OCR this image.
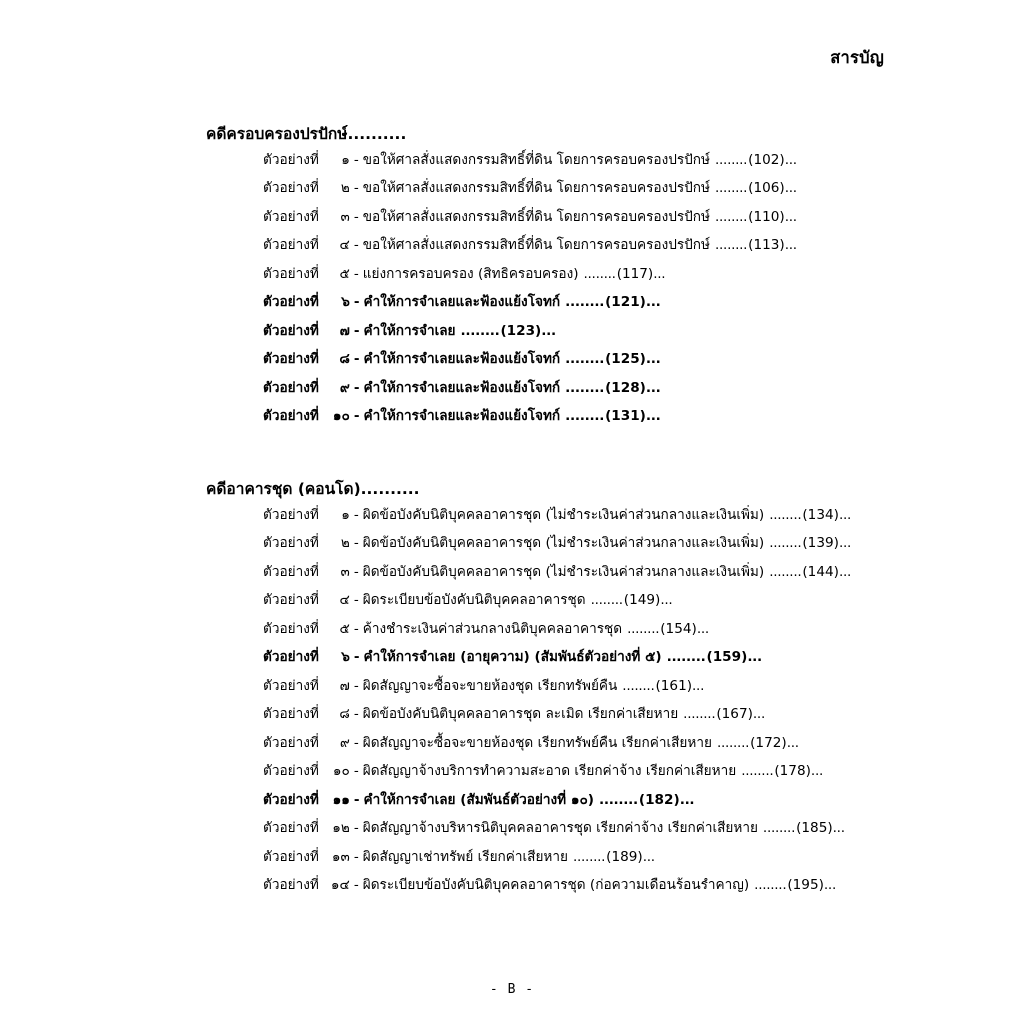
สารบัญ
คดีครอบครองปรปักษ์..........
ตัวอย่างที่	๑ - ขอให้ศาลสั่งแสดงกรรมสิทธิ์ที่ดิน โดยการครอบครองปรปักษ์ ........ (102) ...
ตัวอย่างที่	๒ - ขอให้ศาลสั่งแสดงกรรมสิทธิ์ที่ดิน โดยการครอบครองปรปักษ์ ........ (106) ...
ตัวอย่างที่	๓ - ขอให้ศาลสั่งแสดงกรรมสิทธิ์ที่ดิน โดยการครอบครองปรปักษ์ ........ (110) ...
ตัวอย่างที่	๔ - ขอให้ศาลสั่งแสดงกรรมสิทธิ์ที่ดิน โดยการครอบครองปรปักษ์ ........ (113) ...
ตัวอย่างที่	๕ - แย่งการครอบครอง (สิทธิครอบครอง) ........ (117) ...
ตัวอย่างที่	๖ - คำให้การจำเลยและฟ้องแย้งโจทก์ ........ (121) ...
ตัวอย่างที่	๗ - คำให้การจำเลย ........ (123) ...
ตัวอย่างที่	๘ - คำให้การจำเลยและฟ้องแย้งโจทก์ ........ (125) ...
ตัวอย่างที่	๙ - คำให้การจำเลยและฟ้องแย้งโจทก์ ........ (128) ...
ตัวอย่างที่	๑๐ - คำให้การจำเลยและฟ้องแย้งโจทก์ ........ (131) ...
คดีอาคารชุด (คอนโด)..........
ตัวอย่างที่	๑ - ผิดข้อบังคับนิติบุคคลอาคารชุด (ไม่ชำระเงินค่าส่วนกลางและเงินเพิ่ม) ........ (134) ...
ตัวอย่างที่	๒ - ผิดข้อบังคับนิติบุคคลอาคารชุด (ไม่ชำระเงินค่าส่วนกลางและเงินเพิ่ม) ........ (139) ...
ตัวอย่างที่	๓ - ผิดข้อบังคับนิติบุคคลอาคารชุด (ไม่ชำระเงินค่าส่วนกลางและเงินเพิ่ม) ........ (144) ...
ตัวอย่างที่	๔ - ผิดระเบียบข้อบังคับนิติบุคคลอาคารชุด ........ (149) ...
ตัวอย่างที่	๕ - ค้างชำระเงินค่าส่วนกลางนิติบุคคลอาคารชุด ........ (154) ...
ตัวอย่างที่	๖ - คำให้การจำเลย (อายุความ) (สัมพันธ์ตัวอย่างที่ ๕) ........ (159) ...
ตัวอย่างที่	๗ - ผิดสัญญาจะซื้อจะขายห้องชุด เรียกทรัพย์คืน ........ (161) ...
ตัวอย่างที่	๘ - ผิดข้อบังคับนิติบุคคลอาคารชุด ละเมิด เรียกค่าเสียหาย ........ (167) ...
ตัวอย่างที่	๙ - ผิดสัญญาจะซื้อจะขายห้องชุด เรียกทรัพย์คืน เรียกค่าเสียหาย ........ (172) ...
ตัวอย่างที่	๑๐ - ผิดสัญญาจ้างบริการทำความสะอาด เรียกค่าจ้าง เรียกค่าเสียหาย ........ (178) ...
ตัวอย่างที่	๑๑ - คำให้การจำเลย (สัมพันธ์ตัวอย่างที่ ๑๐) ........ (182) ...
ตัวอย่างที่ ๑๒ - ผิดสัญญาจ้างบริหารนิติบุคคลอาคารชุด เรียกค่าจ้าง เรียกค่าเสียหาย ........ (185) ...
ตัวอย่างที่ ๑๓ - ผิดสัญญาเช่าทรัพย์ เรียกค่าเสียหาย ........ (189) ...
ตัวอย่างที่ ๑๔ - ผิดระเบียบข้อบังคับนิติบุคคลอาคารชุด (ก่อความเดือนร้อนรำคาญ) ........ (195) ...
- B -
